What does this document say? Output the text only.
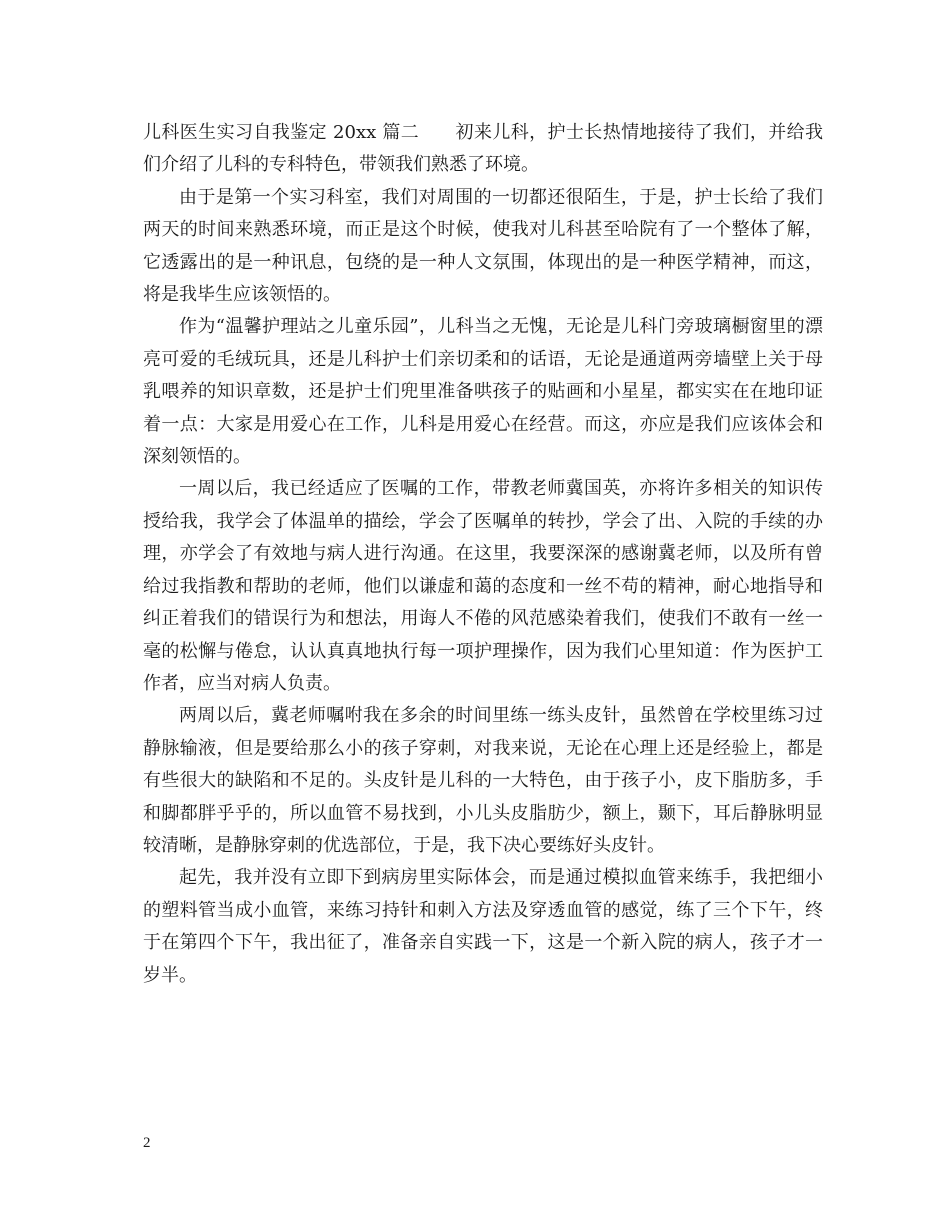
儿科医生实习自我鉴定 20xx 篇二 初来儿科，护士长热情地接待了我们，并给我们介绍了儿科的专科特色，带领我们熟悉了环境。

由于是第一个实习科室，我们对周围的一切都还很陌生，于是，护士长给了我们两天的时间来熟悉环境，而正是这个时候，使我对儿科甚至哈院有了一个整体了解，它透露出的是一种讯息，包绕的是一种人文氛围，体现出的是一种医学精神，而这，将是我毕生应该领悟的。

作为“温馨护理站之儿童乐园”，儿科当之无愧，无论是儿科门旁玻璃橱窗里的漂亮可爱的毛绒玩具，还是儿科护士们亲切柔和的话语，无论是通道两旁墙壁上关于母乳喂养的知识章数，还是护士们兜里准备哄孩子的贴画和小星星，都实实在在地印证着一点：大家是用爱心在工作，儿科是用爱心在经营。而这，亦应是我们应该体会和深刻领悟的。

一周以后，我已经适应了医嘱的工作，带教老师冀国英，亦将许多相关的知识传授给我，我学会了体温单的描绘，学会了医嘱单的转抄，学会了出、入院的手续的办理，亦学会了有效地与病人进行沟通。在这里，我要深深的感谢冀老师，以及所有曾给过我指教和帮助的老师，他们以谦虚和蔼的态度和一丝不苟的精神，耐心地指导和纠正着我们的错误行为和想法，用诲人不倦的风范感染着我们，使我们不敢有一丝一毫的松懈与倦怠，认认真真地执行每一项护理操作，因为我们心里知道：作为医护工作者，应当对病人负责。

两周以后，冀老师嘱咐我在多余的时间里练一练头皮针，虽然曾在学校里练习过静脉输液，但是要给那么小的孩子穿刺，对我来说，无论在心理上还是经验上，都是有些很大的缺陷和不足的。头皮针是儿科的一大特色，由于孩子小，皮下脂肪多，手和脚都胖乎乎的，所以血管不易找到，小儿头皮脂肪少，额上，颞下，耳后静脉明显较清晰，是静脉穿刺的优选部位，于是，我下决心要练好头皮针。

起先，我并没有立即下到病房里实际体会，而是通过模拟血管来练手，我把细小的塑料管当成小血管，来练习持针和刺入方法及穿透血管的感觉，练了三个下午，终于在第四个下午，我出征了，准备亲自实践一下，这是一个新入院的病人，孩子才一岁半。

2
